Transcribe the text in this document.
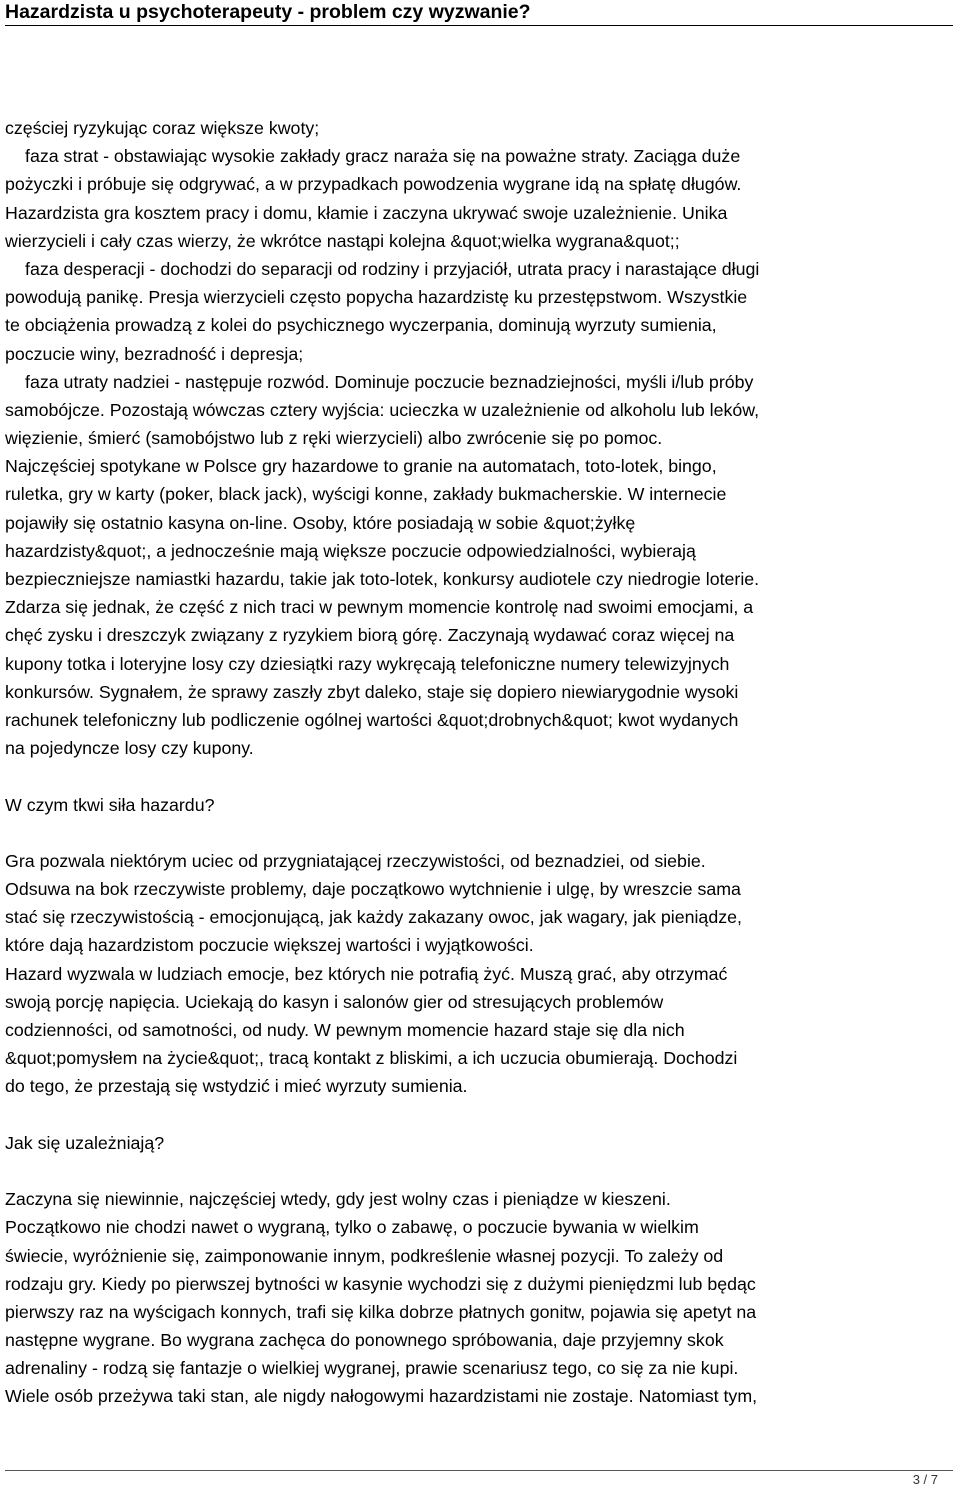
Hazardzista u psychoterapeuty - problem czy wyzwanie?
częściej ryzykując coraz większe kwoty;
faza strat - obstawiając wysokie zakłady gracz naraża się na poważne straty. Zaciąga duże
pożyczki i próbuje się odgrywać, a w przypadkach powodzenia wygrane idą na spłatę długów.
Hazardzista gra kosztem pracy i domu, kłamie i zaczyna ukrywać swoje uzależnienie. Unika
wierzycieli i cały czas wierzy, że wkrótce nastąpi kolejna &quot;wielka wygrana&quot;;
faza desperacji - dochodzi do separacji od rodziny i przyjaciół, utrata pracy i narastające długi
powodują panikę. Presja wierzycieli często popycha hazardzistę ku przestępstwom. Wszystkie
te obciążenia prowadzą z kolei do psychicznego wyczerpania, dominują wyrzuty sumienia,
poczucie winy, bezradność i depresja;
faza utraty nadziei - następuje rozwód. Dominuje poczucie beznadziejności, myśli i/lub próby
samobójcze. Pozostają wówczas cztery wyjścia: ucieczka w uzależnienie od alkoholu lub leków,
więzienie, śmierć (samobójstwo lub z ręki wierzycieli) albo zwrócenie się po pomoc.
Najczęściej spotykane w Polsce gry hazardowe to granie na automatach, toto-lotek, bingo,
ruletka, gry w karty (poker, black jack), wyścigi konne, zakłady bukmacherskie. W internecie
pojawiły się ostatnio kasyna on-line. Osoby, które posiadają w sobie &quot;żyłkę
hazardzisty&quot;, a jednocześnie mają większe poczucie odpowiedzialności, wybierają
bezpieczniejsze namiastki hazardu, takie jak toto-lotek, konkursy audiotele czy niedrogie loterie.
Zdarza się jednak, że część z nich traci w pewnym momencie kontrolę nad swoimi emocjami, a
chęć zysku i dreszczyk związany z ryzykiem biorą górę. Zaczynają wydawać coraz więcej na
kupony totka i loteryjne losy czy dziesiątki razy wykręcają telefoniczne numery telewizyjnych
konkursów. Sygnałem, że sprawy zaszły zbyt daleko, staje się dopiero niewiarygodnie wysoki
rachunek telefoniczny lub podliczenie ogólnej wartości &quot;drobnych&quot; kwot wydanych
na pojedyncze losy czy kupony.
W czym tkwi siła hazardu?
Gra pozwala niektórym uciec od przygniatającej rzeczywistości, od beznadziei, od siebie.
Odsuwa na bok rzeczywiste problemy, daje początkowo wytchnienie i ulgę, by wreszcie sama
stać się rzeczywistością - emocjonującą, jak każdy zakazany owoc, jak wagary, jak pieniądze,
które dają hazardzistom poczucie większej wartości i wyjątkowości.
Hazard wyzwala w ludziach emocje, bez których nie potrafią żyć. Muszą grać, aby otrzymać
swoją porcję napięcia. Uciekają do kasyn i salonów gier od stresujących problemów
codzienności, od samotności, od nudy. W pewnym momencie hazard staje się dla nich
&quot;pomysłem na życie&quot;, tracą kontakt z bliskimi, a ich uczucia obumierają. Dochodzi
do tego, że przestają się wstydzić i mieć wyrzuty sumienia.
Jak się uzależniają?
Zaczyna się niewinnie, najczęściej wtedy, gdy jest wolny czas i pieniądze w kieszeni.
Początkowo nie chodzi nawet o wygraną, tylko o zabawę, o poczucie bywania w wielkim
świecie, wyróżnienie się, zaimponowanie innym, podkreślenie własnej pozycji. To zależy od
rodzaju gry. Kiedy po pierwszej bytności w kasynie wychodzi się z dużymi pieniędzmi lub będąc
pierwszy raz na wyścigach konnych, trafi się kilka dobrze płatnych gonitw, pojawia się apetyt na
następne wygrane. Bo wygrana zachęca do ponownego spróbowania, daje przyjemny skok
adrenaliny - rodzą się fantazje o wielkiej wygranej, prawie scenariusz tego, co się za nie kupi.
Wiele osób przeżywa taki stan, ale nigdy nałogowymi hazardzistami nie zostaje. Natomiast tym,
3 / 7
